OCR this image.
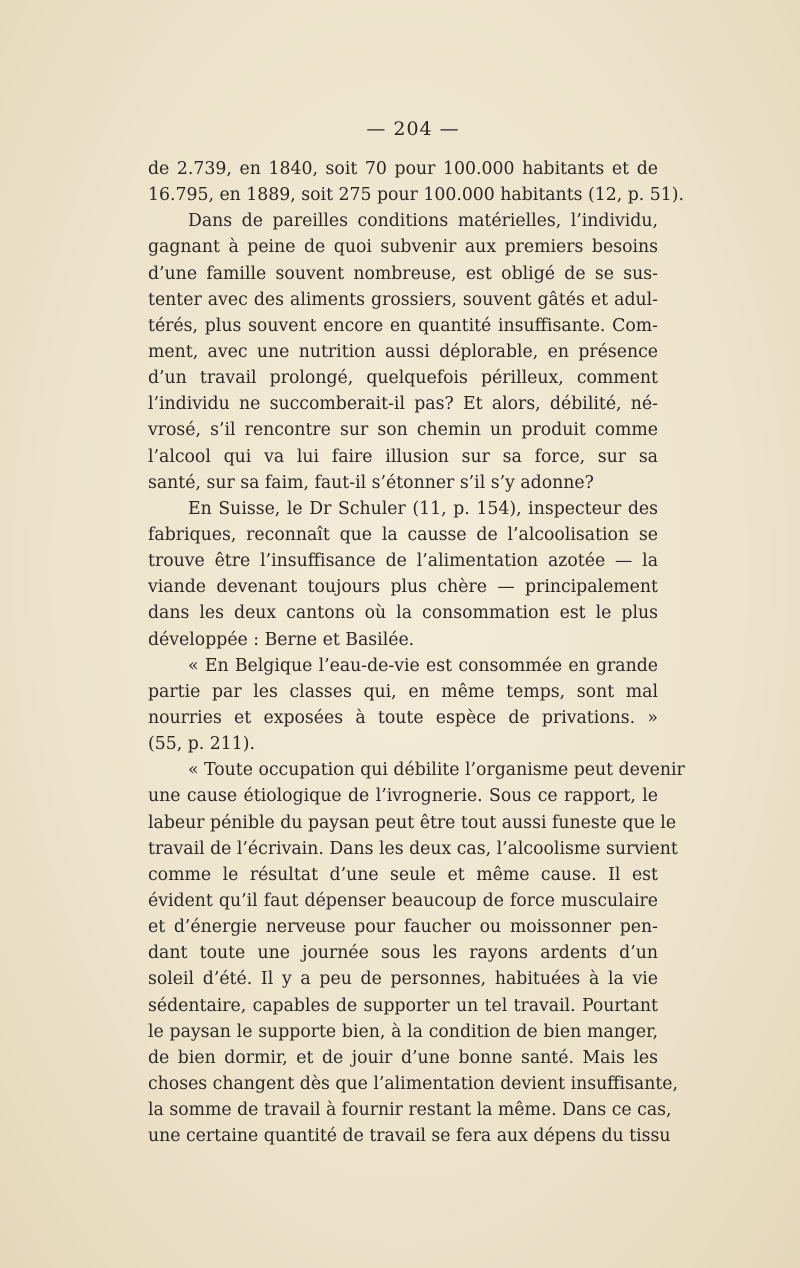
— 204 —
de 2.739, en 1840, soit 70 pour 100.000 habitants et de
16.795, en 1889, soit 275 pour 100.000 habitants (12, p. 51).
Dans de pareilles conditions matérielles, l’individu,
gagnant à peine de quoi subvenir aux premiers besoins
d’une famille souvent nombreuse, est obligé de se sus-
tenter avec des aliments grossiers, souvent gâtés et adul-
térés, plus souvent encore en quantité insuffisante. Com-
ment, avec une nutrition aussi déplorable, en présence
d’un travail prolongé, quelquefois périlleux, comment
l’individu ne succomberait-il pas? Et alors, débilité, né-
vrosé, s’il rencontre sur son chemin un produit comme
l’alcool qui va lui faire illusion sur sa force, sur sa
santé, sur sa faim, faut-il s’étonner s’il s’y adonne?
En Suisse, le Dr Schuler (11, p. 154), inspecteur des
fabriques, reconnaît que la causse de l’alcoolisation se
trouve être l’insuffisance de l’alimentation azotée — la
viande devenant toujours plus chère — principalement
dans les deux cantons où la consommation est le plus
développée : Berne et Basilée.
« En Belgique l’eau-de-vie est consommée en grande
partie par les classes qui, en même temps, sont mal
nourries et exposées à toute espèce de privations. »
(55, p. 211).
« Toute occupation qui débilite l’organisme peut devenir
une cause étiologique de l’ivrognerie. Sous ce rapport, le
labeur pénible du paysan peut être tout aussi funeste que le
travail de l’écrivain. Dans les deux cas, l’alcoolisme survient
comme le résultat d’une seule et même cause. Il est
évident qu’il faut dépenser beaucoup de force musculaire
et d’énergie nerveuse pour faucher ou moissonner pen-
dant toute une journée sous les rayons ardents d’un
soleil d’été. Il y a peu de personnes, habituées à la vie
sédentaire, capables de supporter un tel travail. Pourtant
le paysan le supporte bien, à la condition de bien manger,
de bien dormir, et de jouir d’une bonne santé. Mais les
choses changent dès que l’alimentation devient insuffisante,
la somme de travail à fournir restant la même. Dans ce cas,
une certaine quantité de travail se fera aux dépens du tissu
